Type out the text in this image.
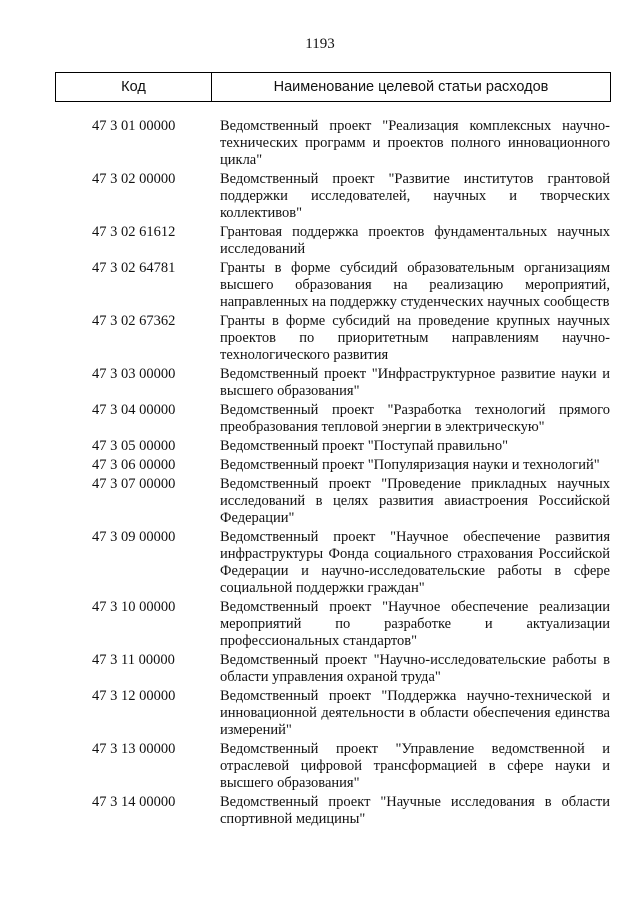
1193
Код	Наименование целевой статьи расходов
47 3 01 00000	Ведомственный проект "Реализация комплексных научно-технических программ и проектов полного инновационного цикла"
47 3 02 00000	Ведомственный проект "Развитие институтов грантовой поддержки исследователей, научных и творческих коллективов"
47 3 02 61612	Грантовая поддержка проектов фундаментальных научных исследований
47 3 02 64781	Гранты в форме субсидий образовательным организациям высшего образования на реализацию мероприятий, направленных на поддержку студенческих научных сообществ
47 3 02 67362	Гранты в форме субсидий на проведение крупных научных проектов по приоритетным направлениям научно-технологического развития
47 3 03 00000	Ведомственный проект "Инфраструктурное развитие науки и высшего образования"
47 3 04 00000	Ведомственный проект "Разработка технологий прямого преобразования тепловой энергии в электрическую"
47 3 05 00000	Ведомственный проект "Поступай правильно"
47 3 06 00000	Ведомственный проект "Популяризация науки и технологий"
47 3 07 00000	Ведомственный проект "Проведение прикладных научных исследований в целях развития авиастроения Российской Федерации"
47 3 09 00000	Ведомственный проект "Научное обеспечение развития инфраструктуры Фонда социального страхования Российской Федерации и научно-исследовательские работы в сфере социальной поддержки граждан"
47 3 10 00000	Ведомственный проект "Научное обеспечение реализации мероприятий по разработке и актуализации профессиональных стандартов"
47 3 11 00000	Ведомственный проект "Научно-исследовательские работы в области управления охраной труда"
47 3 12 00000	Ведомственный проект "Поддержка научно-технической и инновационной деятельности в области обеспечения единства измерений"
47 3 13 00000	Ведомственный проект "Управление ведомственной и отраслевой цифровой трансформацией в сфере науки и высшего образования"
47 3 14 00000	Ведомственный проект "Научные исследования в области спортивной медицины"
